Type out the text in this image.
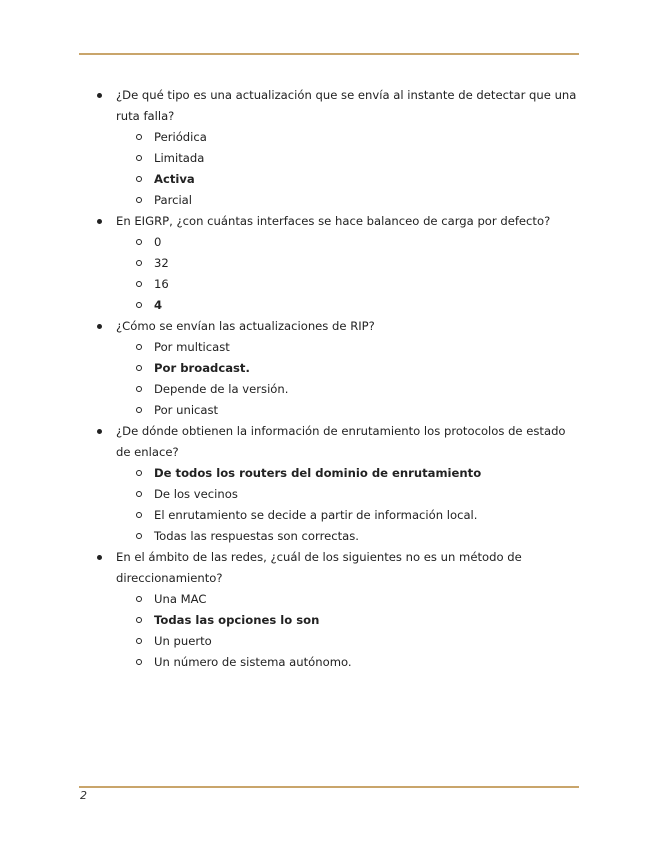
¿De qué tipo es una actualización que se envía al instante de detectar que una ruta falla?
Periódica
Limitada
Activa
Parcial
En EIGRP, ¿con cuántas interfaces se hace balanceo de carga por defecto?
0
32
16
4
¿Cómo se envían las actualizaciones de RIP?
Por multicast
Por broadcast.
Depende de la versión.
Por unicast
¿De dónde obtienen la información de enrutamiento los protocolos de estado de enlace?
De todos los routers del dominio de enrutamiento
De los vecinos
El enrutamiento se decide a partir de información local.
Todas las respuestas son correctas.
En el ámbito de las redes, ¿cuál de los siguientes no es un método de direccionamiento?
Una MAC
Todas las opciones lo son
Un puerto
Un número de sistema autónomo.
2
